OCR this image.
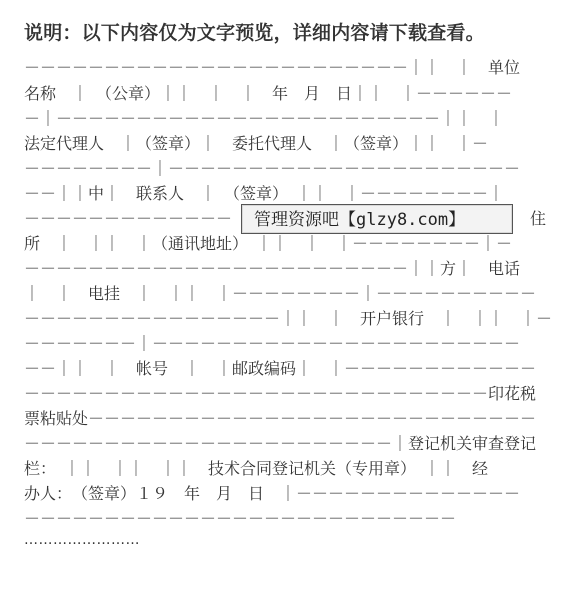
说明：以下内容仅为文字预览，详细内容请下载查看。
－－－－－－－－－－－－－－－－－－－－－－－－｜｜　｜　单位
名称　｜　（公章）｜｜　｜　｜　年　月　日｜｜　｜－－－－－－
－｜－－－－－－－－－－－－－－－－－－－－－－－－｜｜　｜
法定代理人　｜（签章）｜　委托代理人　｜（签章）｜｜　｜－
－－－－－－－－｜－－－－－－－－－－－－－－－－－－－－－－
－－｜｜中｜　联系人　｜　（签章）　｜｜　｜－－－－－－－－｜
－－－－－－－－－－－－－	住
所　｜　｜｜　｜（通讯地址）　｜｜　｜　｜－－－－－－－－｜－
－－－－－－－－－－－－－－－－－－－－－－－－｜｜方｜　电话
｜　｜　电挂　｜　｜｜　｜－－－－－－－－｜－－－－－－－－－－
－－－－－－－－－－－－－－－－｜｜　｜　开户银行　｜　｜｜　｜－
－－－－－－－｜－－－－－－－－－－－－－－－－－－－－－－－
－－｜｜　｜　帐号　｜　｜邮政编码｜　｜－－－－－－－－－－－－
－－－－－－－－－－－－－－－－－－－－－－－－－－－－－印花税
票粘贴处－－－－－－－－－－－－－－－－－－－－－－－－－－－－
－－－－－－－－－－－－－－－－－－－－－－－｜登记机关审查登记
栏：　｜｜　｜｜　｜｜　技术合同登记机关（专用章）　｜｜　经
办人：　（签章）１９　年　月　日　｜－－－－－－－－－－－－－－
－－－－－－－－－－－－－－－－－－－－－－－－－－－
管理资源吧【glzy8.com】
……………………
